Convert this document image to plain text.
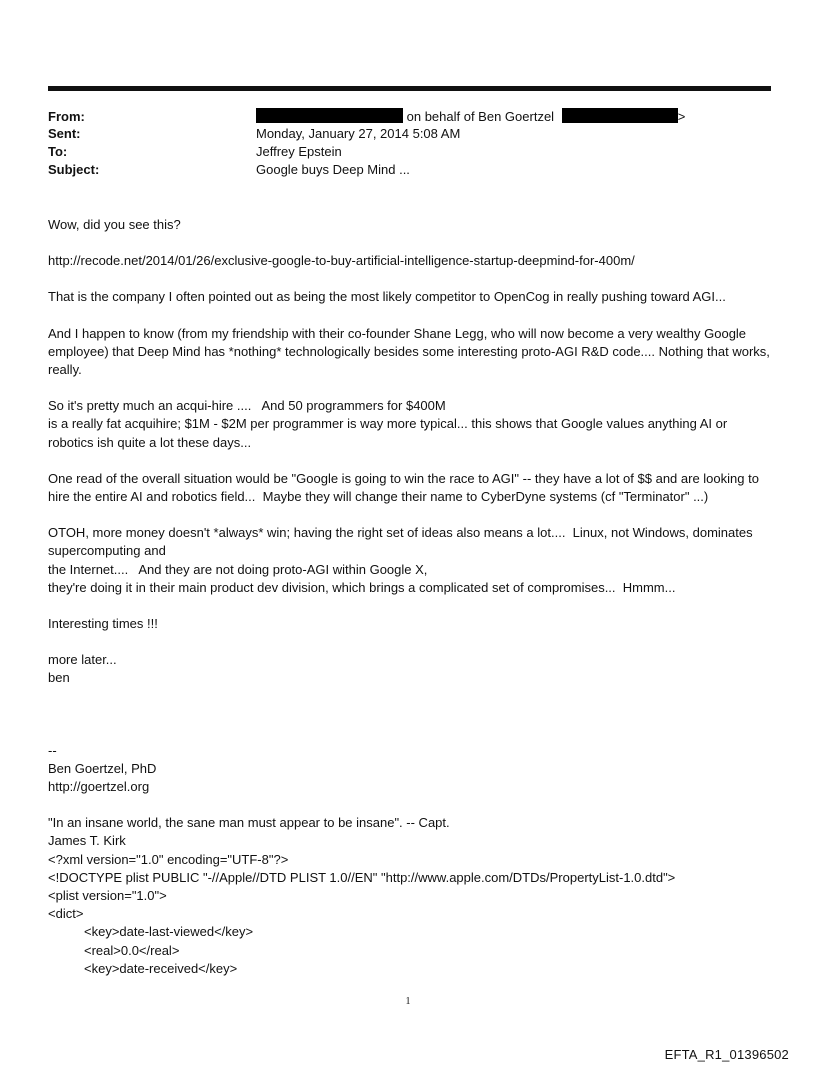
From:	on behalf of Ben Goertzel	>
Sent:	Monday, January 27, 2014 5:08 AM
To:	Jeffrey Epstein
Subject:	Google buys Deep Mind ...

Wow, did you see this?

http://recode.net/2014/01/26/exclusive-google-to-buy-artificial-intelligence-startup-deepmind-for-400m/

That is the company I often pointed out as being the most likely competitor to OpenCog in really pushing toward AGI...

And I happen to know (from my friendship with their co-founder Shane Legg, who will now become a very wealthy Google employee) that Deep Mind has *nothing* technologically besides some interesting proto-AGI R&D code.... Nothing that works, really.

So it's pretty much an acqui-hire ....   And 50 programmers for $400M

is a really fat acquihire; $1M - $2M per programmer is way more typical... this shows that Google values anything AI or robotics ish quite a lot these days...

One read of the overall situation would be "Google is going to win the race to AGI" -- they have a lot of $$ and are looking to hire the entire AI and robotics field...  Maybe they will change their name to CyberDyne systems (cf "Terminator" ...)

OTOH, more money doesn't *always* win; having the right set of ideas also means a lot....  Linux, not Windows, dominates supercomputing and

the Internet....   And they are not doing proto-AGI within Google X,

they're doing it in their main product dev division, which brings a complicated set of compromises...  Hmmm...

Interesting times !!!

more later...

ben

--

Ben Goertzel, PhD

http://goertzel.org

"In an insane world, the sane man must appear to be insane". -- Capt.

James T. Kirk

<?xml version="1.0" encoding="UTF-8"?>

<!DOCTYPE plist PUBLIC "-//Apple//DTD PLIST 1.0//EN" "http://www.apple.com/DTDs/PropertyList-1.0.dtd">

<plist version="1.0">

<dict>

<key>date-last-viewed</key>

<real>0.0</real>

<key>date-received</key>

1
EFTA_R1_01396502
